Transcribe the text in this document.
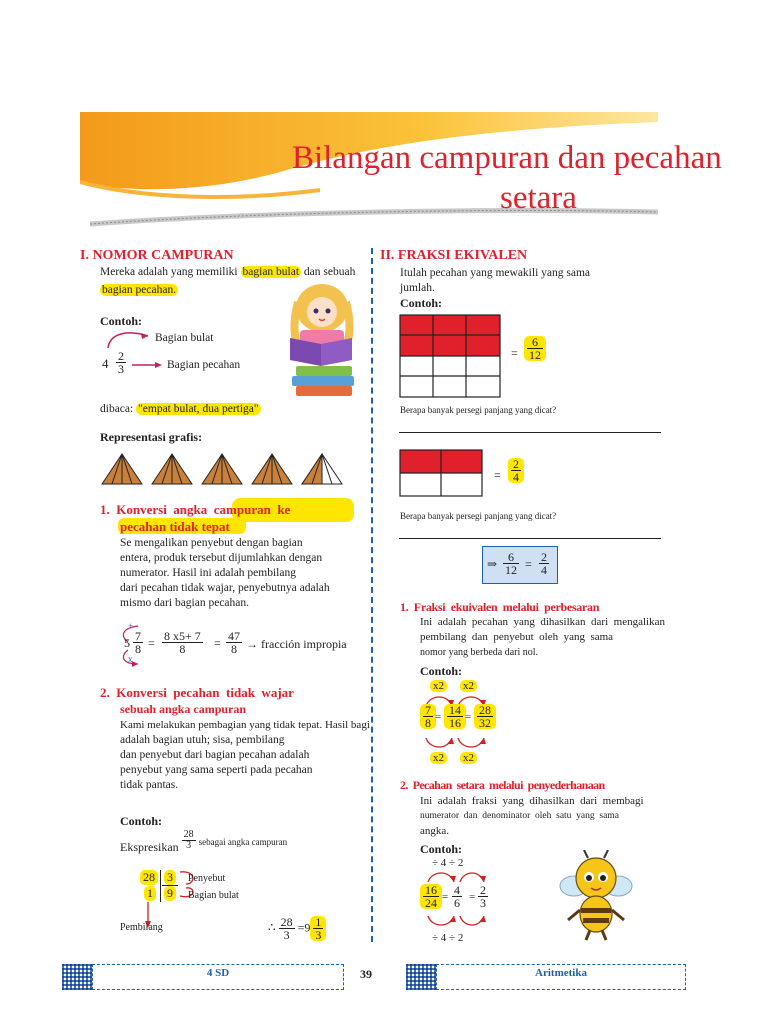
Bilangan campuran dan pecahan
setara
I. NOMOR CAMPURAN
Mereka adalah yang memiliki bagian bulat dan sebuah
bagian pecahan.
Contoh:
$4 \frac{2}{3}$
Bagian bulat
Bagian pecahan
dibaca: "empat bulat, dua pertiga"
Representasi grafis:
1.  Konversi  angka  campuran  ke
pecahan tidak tepat
Se mengalikan penyebut dengan bagian
entera, produk tersebut dijumlahkan dengan
numerator. Hasil ini adalah pembilang
dari pecahan tidak wajar, penyebutnya adalah
mismo dari bagian pecahan.
+
x
$5 \frac{7}{8} = \frac{8 x5+ 7}{8} = \frac{47}{8}$ → fracción impropia
2.  Konversi  pecahan  tidak  wajar
sebuah angka campuran
Kami melakukan pembagian yang tidak tepat. Hasil bagi
adalah bagian utuh; sisa, pembilang
dan penyebut dari bagian pecahan adalah
penyebut yang sama seperti pada pecahan
tidak pantas.
Contoh:
Ekspresikan $\frac{28}{3}$ sebagai angka campuran
28
1
3
9
Penyebut
Bagian bulat
Pembilang	∴ $\frac{28}{3} =9 \frac{1}{3}$
II. FRAKSI EKIVALEN
Itulah pecahan yang mewakili yang sama
jumlah.
Contoh:
= $\frac{6}{12}$
Berapa banyak persegi panjang yang dicat?
= $\frac{2}{4}$
Berapa banyak persegi panjang yang dicat?
⇒ $\frac{6}{12} = \frac{2}{4}$
1.  Fraksi  ekuivalen  melalui  perbesaran
Ini  adalah  pecahan  yang  dihasilkan  dari  mengalikan
pembilang  dan  penyebut  oleh  yang  sama
nomor yang berbeda dari nol.
Contoh:
x2 x2
$\frac{7}{8} = \frac{14}{16} = \frac{28}{32}$
x2 x2
2.  Pecahan  setara  melalui  penyederhanaan
Ini  adalah  fraksi  yang  dihasilkan  dari  membagi
numerator  dan  denominator  oleh  satu  yang  sama
angka.
Contoh:
÷ 4 ÷ 2
$\frac{16}{24} = \frac{4}{6} = \frac{2}{3}$
÷ 4 ÷ 2
4 SD	39	Aritmetika
